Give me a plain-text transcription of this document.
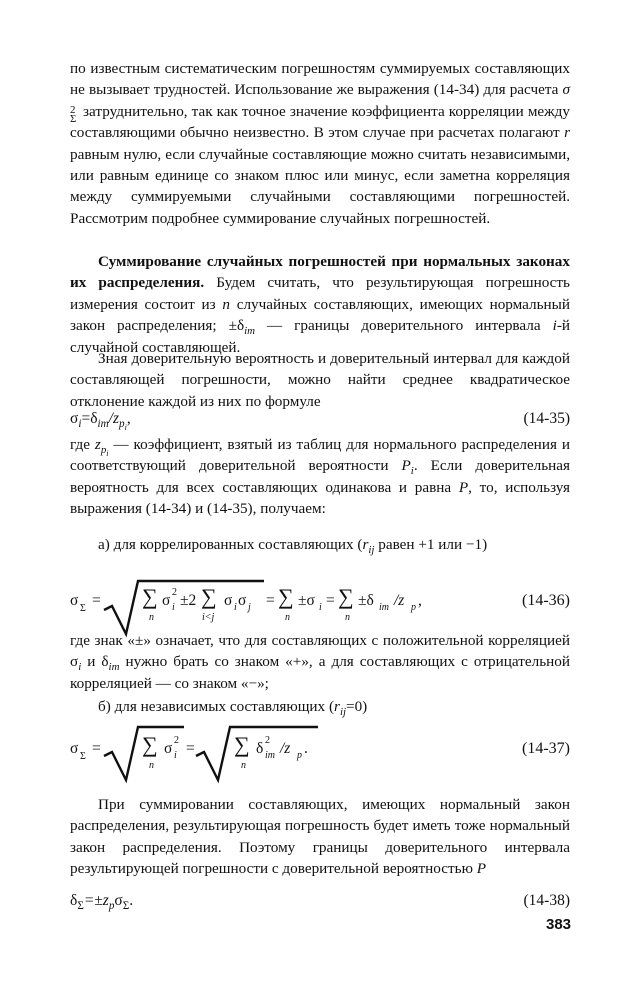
по известным систематическим погрешностям суммируемых составляющих не вызывает трудностей. Использование же выражения (14-34) для расчета σ
2
Σ затруднительно, так как точное значение коэффициента корреляции между составляющими обычно неизвестно. В этом случае при расчетах полагают r равным нулю, если случайные составляющие можно считать независимыми, или равным единице со знаком плюс или минус, если заметна корреляция между суммируемыми случайными составляющими погрешностей. Рассмотрим подробнее суммирование случайных погрешностей.

Суммирование случайных погрешностей при нормальных законах их распределения. Будем считать, что результирующая погрешность измерения состоит из n случайных составляющих, имеющих нормальный закон распределения; $\pm\delta_{im}$ — границы доверительного интервала i-й случайной составляющей.

Зная доверительную вероятность и доверительный интервал для каждой составляющей погрешности, можно найти среднее квадратическое отклонение каждой из них по формуле

$\sigma_i=\delta_{im}/z_{p_i}$,	(14-35)

где $z_{p_i}$ — коэффициент, взятый из таблиц для нормального распределения и соответствующий доверительной вероятности $P_i$. Если доверительная вероятность для всех составляющих одинакова и равна P, то, используя выражения (14-34) и (14-35), получаем:

а) для коррелированных составляющих ($r_{ij}$ равен +1 или −1)

σ Σ = ∑
n
σ 2
i ±2 ∑
i<j
σ i σ j = ∑
n
±σ i = ∑
n
±δ im /z p ,	(14-36)

где знак «±» означает, что для составляющих с положительной корреляцией $\sigma_i$ и $\delta_{im}$ нужно брать со знаком «+», а для составляющих с отрицательной корреляцией — со знаком «−»;

б) для независимых составляющих $(r_{ij}=0)$

σ Σ = ∑
n
σ 2
i = ∑
n
δ 2
im /z p .	(14-37)

При суммировании составляющих, имеющих нормальный закон распределения, результирующая погрешность будет иметь тоже нормальный закон распределения. Поэтому границы доверительного интервала результирующей погрешности с доверительной вероятностью P

$\delta_\Sigma=\pm z_p\sigma_\Sigma$.	(14-38)
383
